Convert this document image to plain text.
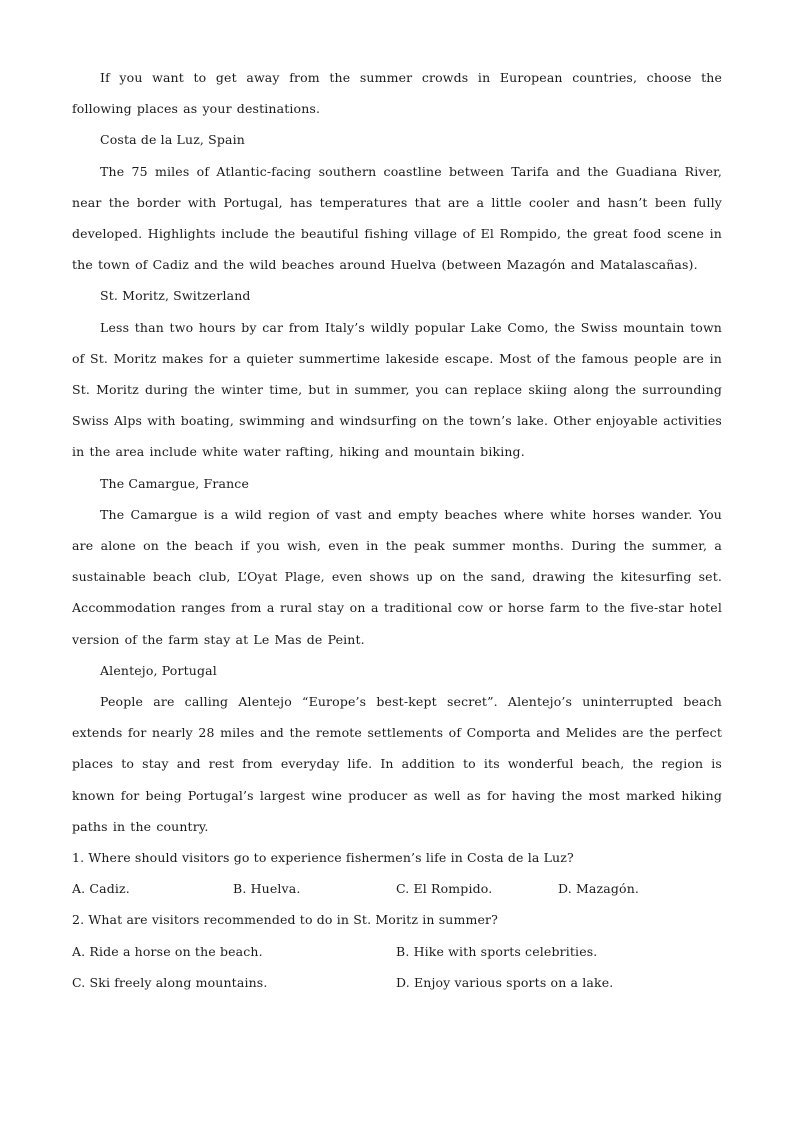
If you want to get away from the summer crowds in European countries, choose the following places as your destinations.

Costa de la Luz, Spain

The 75 miles of Atlantic-facing southern coastline between Tarifa and the Guadiana River, near the border with Portugal, has temperatures that are a little cooler and hasn’t been fully developed. Highlights include the beautiful fishing village of El Rompido, the great food scene in the town of Cadiz and the wild beaches around Huelva (between Mazagón and Matalascañas).

St. Moritz, Switzerland

Less than two hours by car from Italy’s wildly popular Lake Como, the Swiss mountain town of St. Moritz makes for a quieter summertime lakeside escape. Most of the famous people are in St. Moritz during the winter time, but in summer, you can replace skiing along the surrounding Swiss Alps with boating, swimming and windsurfing on the town’s lake. Other enjoyable activities in the area include white water rafting, hiking and mountain biking.

The Camargue, France

The Camargue is a wild region of vast and empty beaches where white horses wander. You are alone on the beach if you wish, even in the peak summer months. During the summer, a sustainable beach club, L’Oyat Plage, even shows up on the sand, drawing the kitesurfing set. Accommodation ranges from a rural stay on a traditional cow or horse farm to the five-star hotel version of the farm stay at Le Mas de Peint.

Alentejo, Portugal

People are calling Alentejo “Europe’s best-kept secret”. Alentejo’s uninterrupted beach extends for nearly 28 miles and the remote settlements of Comporta and Melides are the perfect places to stay and rest from everyday life. In addition to its wonderful beach, the region is known for being Portugal’s largest wine producer as well as for having the most marked hiking paths in the country.

1. Where should visitors go to experience fishermen’s life in Costa de la Luz?

A. Cadiz.	B. Huelva.	C. El Rompido.	D. Mazagón.

2. What are visitors recommended to do in St. Moritz in summer?

A. Ride a horse on the beach.	B. Hike with sports celebrities.
C. Ski freely along mountains.	D. Enjoy various sports on a lake.
